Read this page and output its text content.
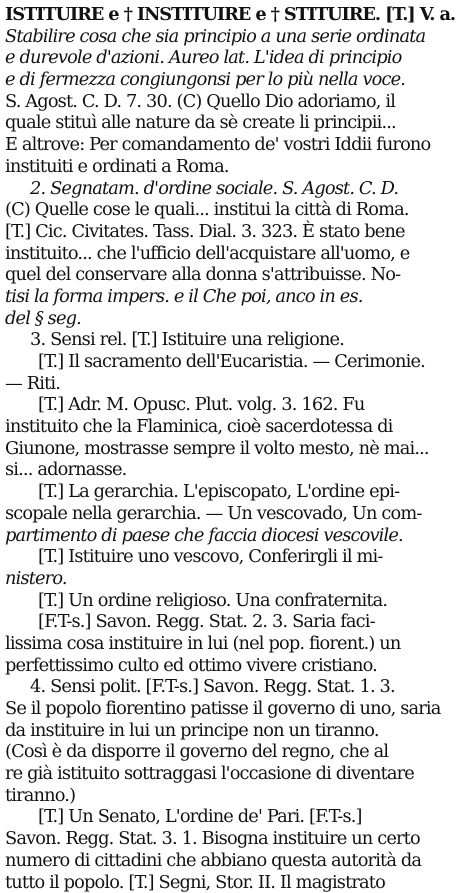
ISTITUIRE e † INSTITUIRE e † STITUIRE. [T.] V. a.
Stabilire cosa che sia principio a una serie ordinata
e durevole d'azioni. Aureo lat. L'idea di principio
e di fermezza congiungonsi per lo più nella voce.
S. Agost. C. D. 7. 30. (C) Quello Dio adoriamo, il
quale stituì alle nature da sè create li principii...
E altrove: Per comandamento de' vostri Iddii furono
instituiti e ordinati a Roma.
2. Segnatam. d'ordine sociale. S. Agost. C. D.
(C) Quelle cose le quali... institui la città di Roma.
[T.] Cic. Civitates. Tass. Dial. 3. 323. È stato bene
instituito... che l'ufficio dell'acquistare all'uomo, e
quel del conservare alla donna s'attribuisse. No-
tisi la forma impers. e il Che poi, anco in es.
del § seg.
3. Sensi rel. [T.] Istituire una religione.
[T.] Il sacramento dell'Eucaristia. — Cerimonie.
— Riti.
[T.] Adr. M. Opusc. Plut. volg. 3. 162. Fu
instituito che la Flaminica, cioè sacerdotessa di
Giunone, mostrasse sempre il volto mesto, nè mai...
si... adornasse.
[T.] La gerarchia. L'episcopato, L'ordine epi-
scopale nella gerarchia. — Un vescovado, Un com-
partimento di paese che faccia diocesi vescovile.
[T.] Istituire uno vescovo, Conferirgli il mi-
nistero.
[T.] Un ordine religioso. Una confraternita.
[F.T-s.] Savon. Regg. Stat. 2. 3. Saria faci-
lissima cosa instituire in lui (nel pop. fiorent.) un
perfettissimo culto ed ottimo vivere cristiano.
4. Sensi polit. [F.T-s.] Savon. Regg. Stat. 1. 3.
Se il popolo fiorentino patisse il governo di uno, saria
da instituire in lui un principe non un tiranno.
(Così è da disporre il governo del regno, che al
re già istituito sottraggasi l'occasione di diventare
tiranno.)
[T.] Un Senato, L'ordine de' Pari. [F.T-s.]
Savon. Regg. Stat. 3. 1. Bisogna instituire un certo
numero di cittadini che abbiano questa autorità da
tutto il popolo. [T.] Segni, Stor. II. Il magistrato
